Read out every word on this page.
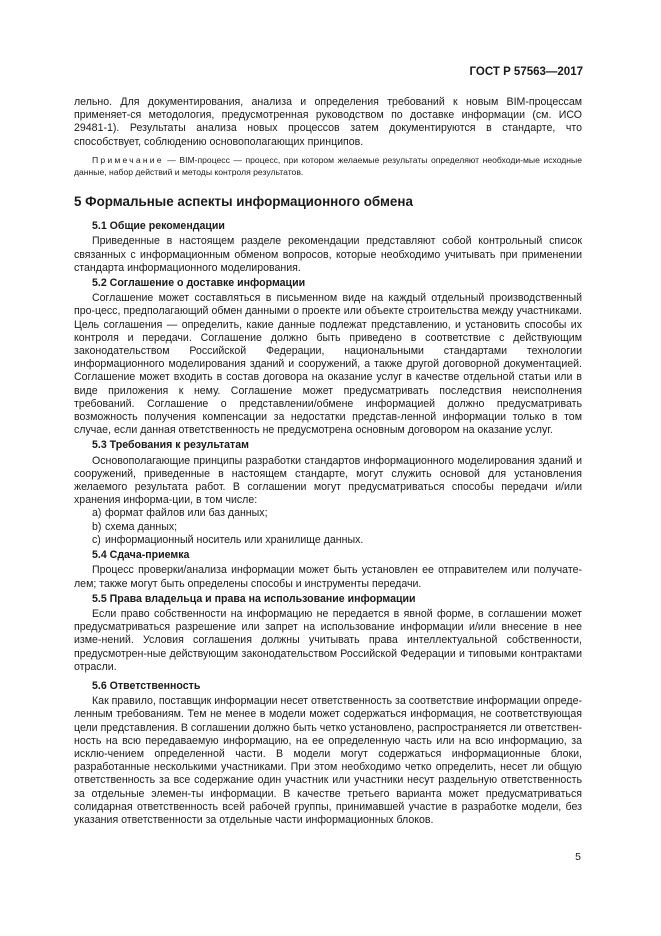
ГОСТ Р 57563—2017

лельно. Для документирования, анализа и определения требований к новым BIM-процессам применяет-ся методология, предусмотренная руководством по доставке информации (см. ИСО 29481-1). Результаты анализа новых процессов затем документируются в стандарте, что способствует, соблюдению основополагающих принципов.

Примечание — BIM-процесс — процесс, при котором желаемые результаты определяют необходи-мые исходные данные, набор действий и методы контроля результатов.

5 Формальные аспекты информационного обмена
5.1 Общие рекомендации

Приведенные в настоящем разделе рекомендации представляют собой контрольный список связанных с информационным обменом вопросов, которые необходимо учитывать при применении стандарта информационного моделирования.

5.2 Соглашение о доставке информации

Соглашение может составляться в письменном виде на каждый отдельный производственный про-цесс, предполагающий обмен данными о проекте или объекте строительства между участниками. Цель соглашения — определить, какие данные подлежат представлению, и установить способы их контроля и передачи. Соглашение должно быть приведено в соответствие с действующим законодательством Российской Федерации, национальными стандартами технологии информационного моделирования зданий и сооружений, а также другой договорной документацией. Соглашение может входить в состав договора на оказание услуг в качестве отдельной статьи или в виде приложения к нему. Соглашение может предусматривать последствия неисполнения требований. Соглашение о представлении/обмене информацией должно предусматривать возможность получения компенсации за недостатки представ-ленной информации только в том случае, если данная ответственность не предусмотрена основным договором на оказание услуг.

5.3 Требования к результатам

Основополагающие принципы разработки стандартов информационного моделирования зданий и сооружений, приведенные в настоящем стандарте, могут служить основой для установления желаемого результата работ. В соглашении могут предусматриваться способы передачи и/или хранения информа-ции, в том числе:

а) формат файлов или баз данных;
b) схема данных;
с) информационный носитель или хранилище данных.
5.4 Сдача-приемка

Процесс проверки/анализа информации может быть установлен ее отправителем или получате-лем; также могут быть определены способы и инструменты передачи.

5.5 Права владельца и права на использование информации

Если право собственности на информацию не передается в явной форме, в соглашении может предусматриваться разрешение или запрет на использование информации и/или внесение в нее изме-нений. Условия соглашения должны учитывать права интеллектуальной собственности, предусмотрен-ные действующим законодательством Российской Федерации и типовыми контрактами отрасли.

5.6 Ответственность

Как правило, поставщик информации несет ответственность за соответствие информации опреде-ленным требованиям. Тем не менее в модели может содержаться информация, не соответствующая цели представления. В соглашении должно быть четко установлено, распространяется ли ответствен-ность на всю передаваемую информацию, на ее определенную часть или на всю информацию, за исклю-чением определенной части. В модели могут содержаться информационные блоки, разработанные несколькими участниками. При этом необходимо четко определить, несет ли общую ответственность за все содержание один участник или участники несут раздельную ответственность за отдельные элемен-ты информации. В качестве третьего варианта может предусматриваться солидарная ответственность всей рабочей группы, принимавшей участие в разработке модели, без указания ответственности за отдельные части информационных блоков.

5
